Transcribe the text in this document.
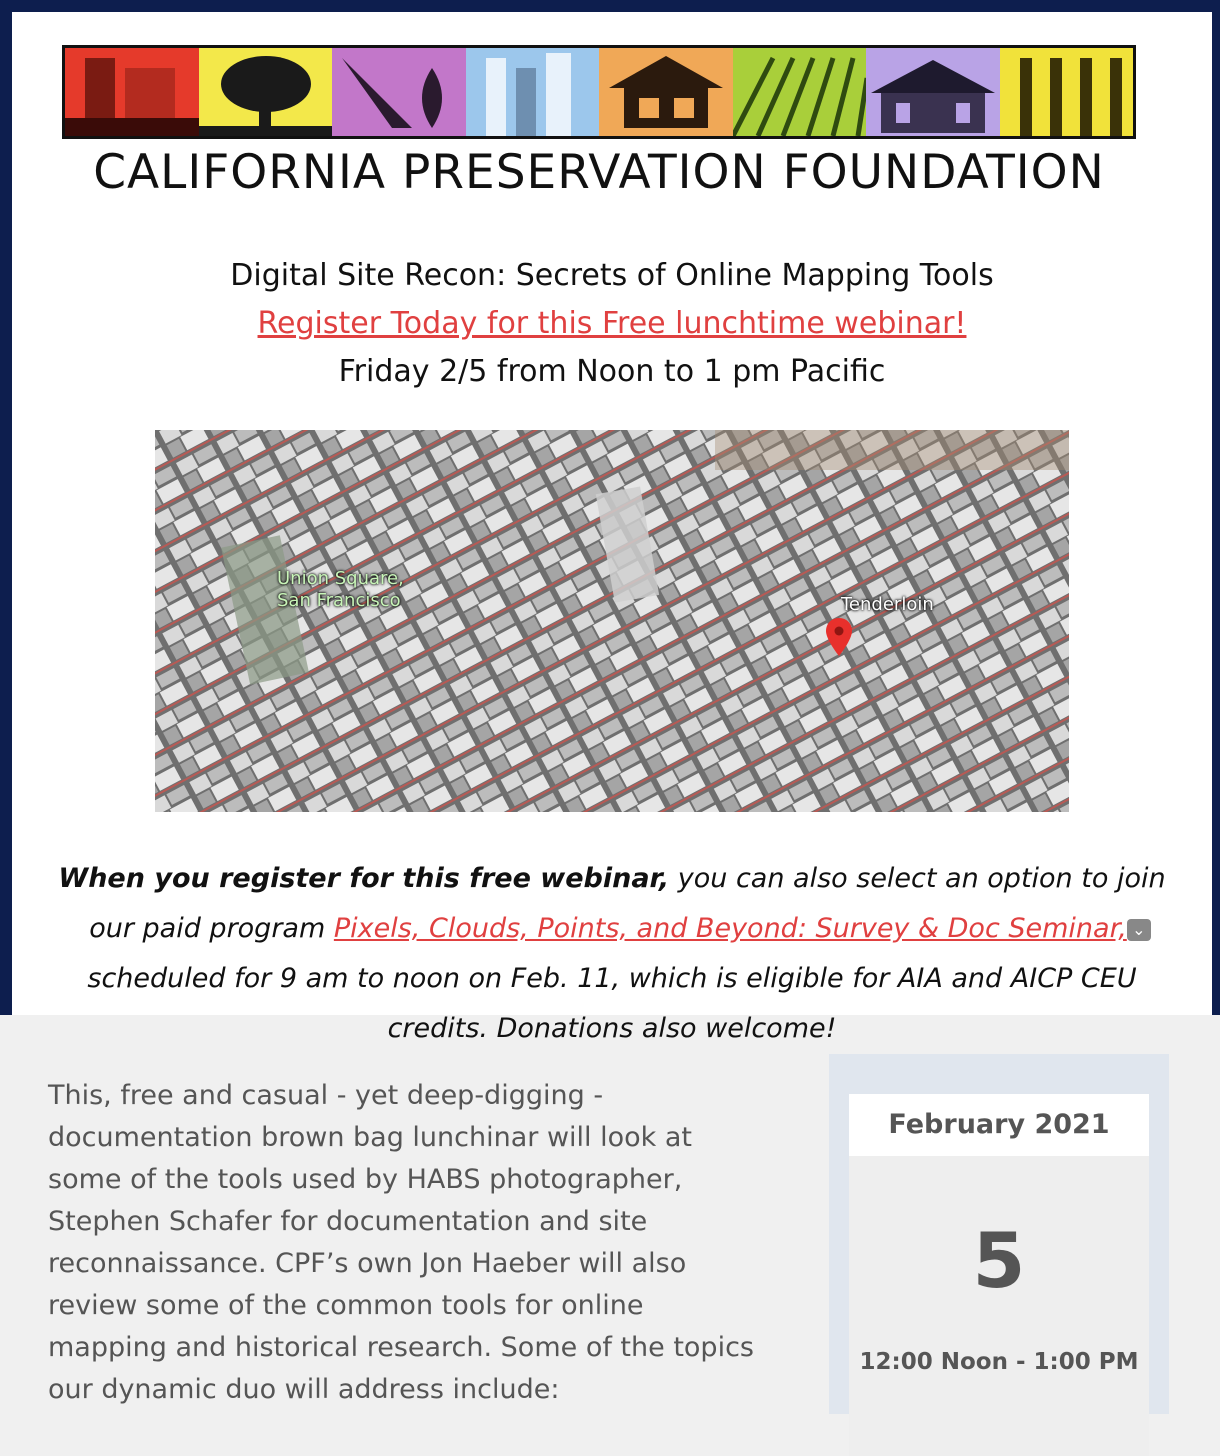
CALIFORNIA PRESERVATION FOUNDATION
Digital Site Recon: Secrets of Online Mapping Tools
Register Today for this Free lunchtime webinar!
Friday 2/5 from Noon to 1 pm Pacific
Union Square,
San Francisco	Tenderloin
When you register for this free webinar, you can also select an option to join our paid program Pixels, Clouds, Points, and Beyond: Survey & Doc Seminar, ⌄ scheduled for 9 am to noon on Feb. 11, which is eligible for AIA and AICP CEU credits. Donations also welcome!
This, free and casual - yet deep-digging - documentation brown bag lunchinar will look at some of the tools used by HABS photographer, Stephen Schafer for documentation and site reconnaissance. CPF’s own Jon Haeber will also review some of the common tools for online mapping and historical research. Some of the topics our dynamic duo will address include:
February 2021
5
12:00 Noon - 1:00 PM
